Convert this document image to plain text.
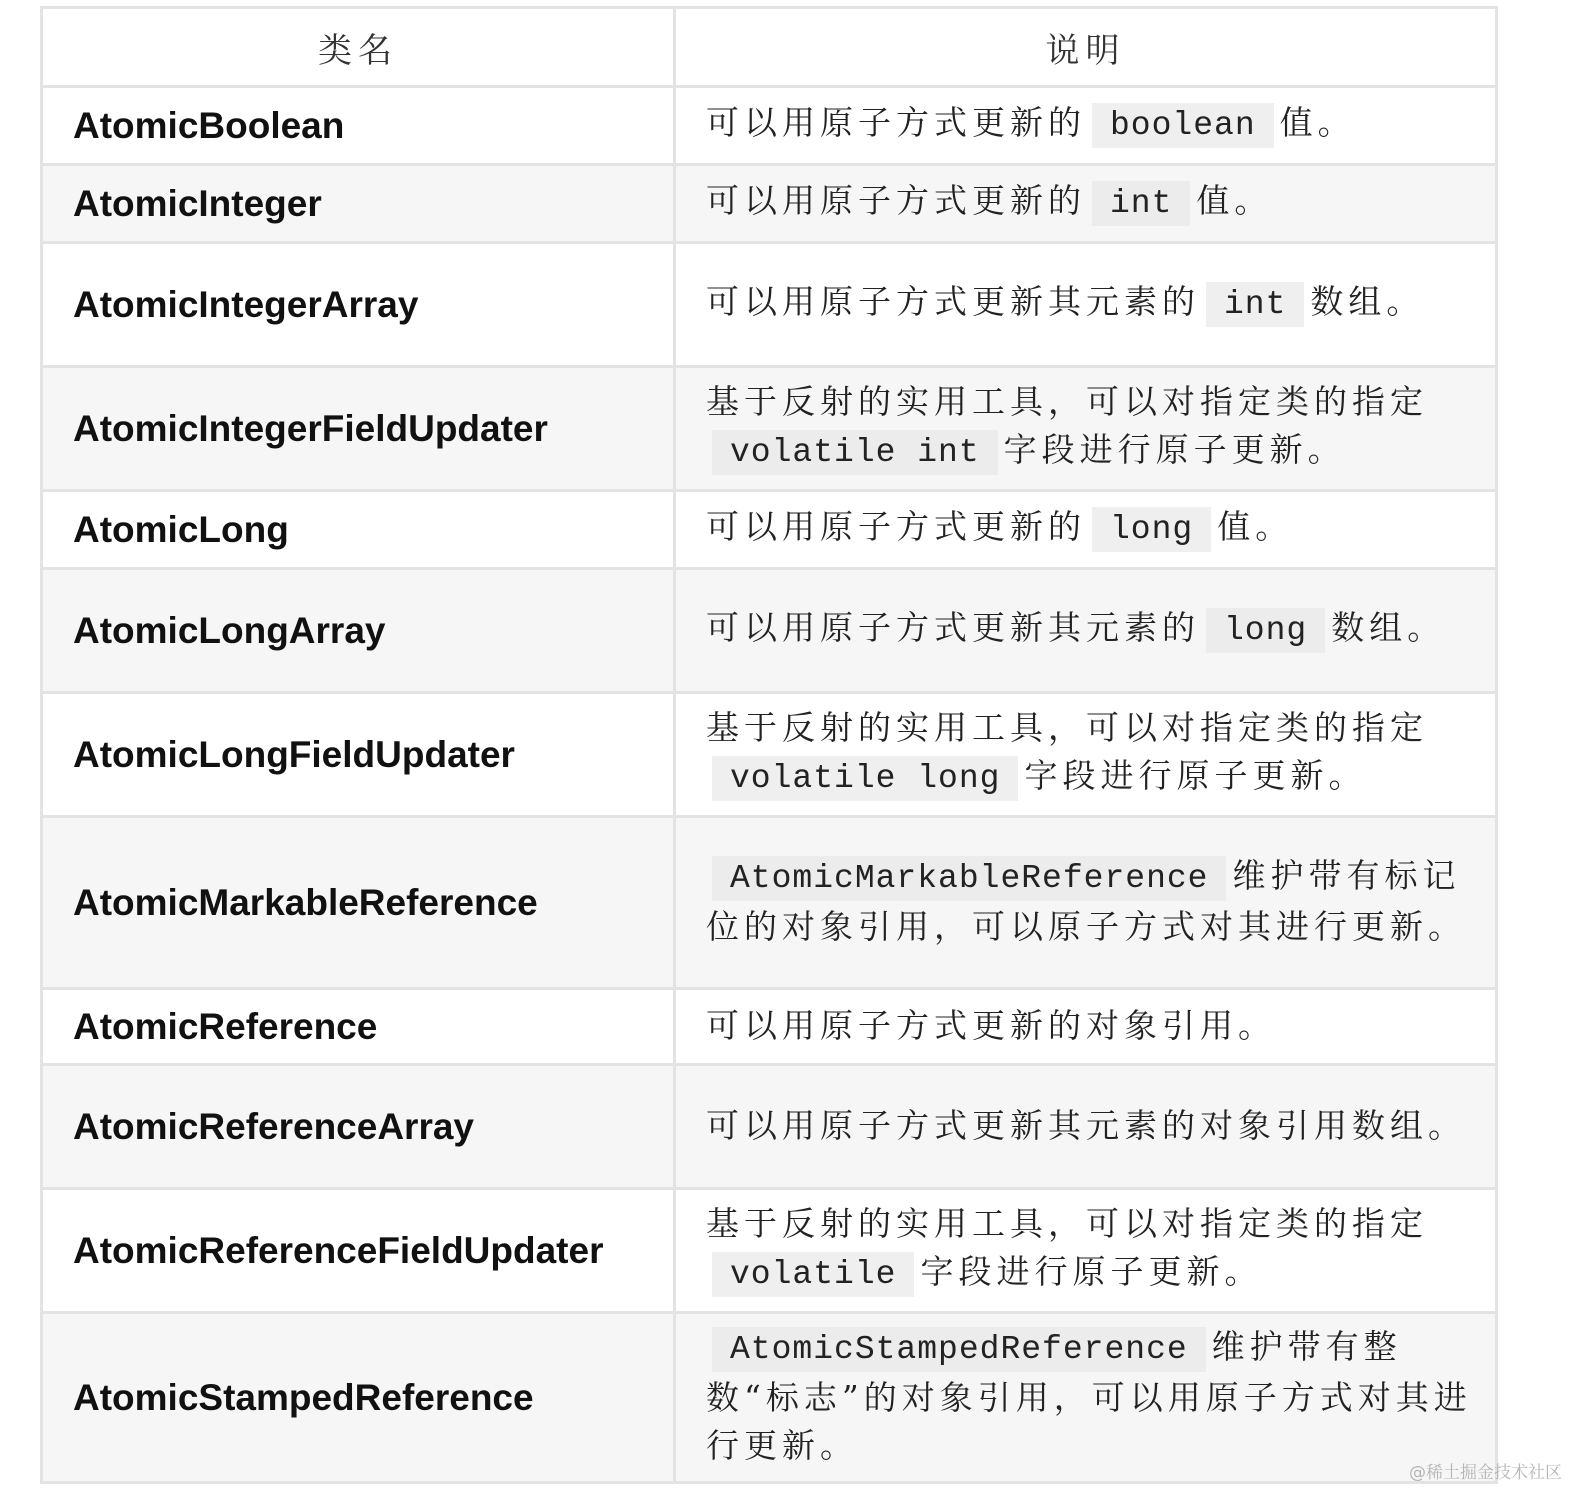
类名	说明
AtomicBoolean	可以用原子方式更新的 boolean 值。
AtomicInteger	可以用原子方式更新的 int 值。
AtomicIntegerArray	可以用原子方式更新其元素的 int 数组。
AtomicIntegerFieldUpdater	基于反射的实用工具，可以对指定类的指定volatile int 字段进行原子更新。
AtomicLong	可以用原子方式更新的 long 值。
AtomicLongArray	可以用原子方式更新其元素的 long 数组。
AtomicLongFieldUpdater	基于反射的实用工具，可以对指定类的指定volatile long 字段进行原子更新。
AtomicMarkableReference	AtomicMarkableReference 维护带有标记位的对象引用，可以原子方式对其进行更新。
AtomicReference	可以用原子方式更新的对象引用。
AtomicReferenceArray	可以用原子方式更新其元素的对象引用数组。
AtomicReferenceFieldUpdater	基于反射的实用工具，可以对指定类的指定volatile 字段进行原子更新。
AtomicStampedReference	AtomicStampedReference 维护带有整数“标志”的对象引用，可以用原子方式对其进行更新。
@稀土掘金技术社区
